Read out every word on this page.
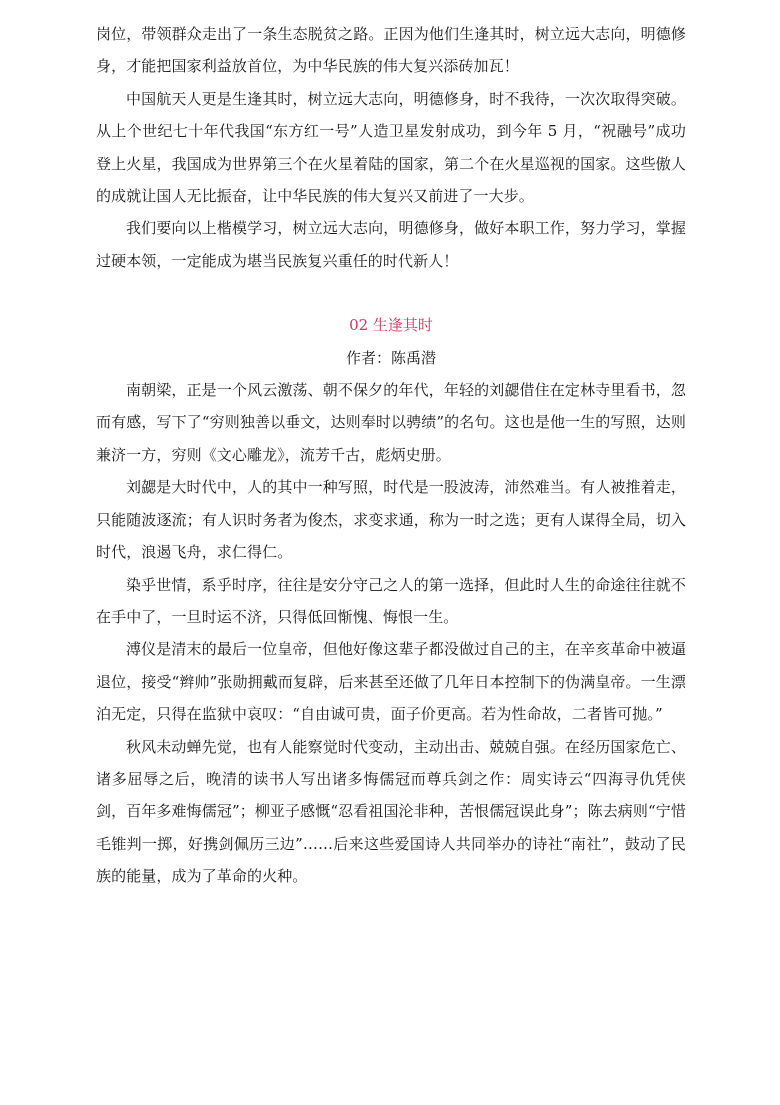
岗位，带领群众走出了一条生态脱贫之路。正因为他们生逢其时，树立远大志向，明德修身，才能把国家利益放首位，为中华民族的伟大复兴添砖加瓦！

中国航天人更是生逢其时，树立远大志向，明德修身，时不我待，一次次取得突破。从上个世纪七十年代我国“东方红一号”人造卫星发射成功，到今年 5 月，“祝融号”成功登上火星，我国成为世界第三个在火星着陆的国家，第二个在火星巡视的国家。这些傲人的成就让国人无比振奋，让中华民族的伟大复兴又前进了一大步。

我们要向以上楷模学习，树立远大志向，明德修身，做好本职工作，努力学习，掌握过硬本领，一定能成为堪当民族复兴重任的时代新人！

02 生逢其时

作者：陈禹潜

南朝梁，正是一个风云激荡、朝不保夕的年代，年轻的刘勰借住在定林寺里看书，忽而有感，写下了“穷则独善以垂文，达则奉时以骋绩”的名句。这也是他一生的写照，达则兼济一方，穷则《文心雕龙》，流芳千古，彪炳史册。

刘勰是大时代中，人的其中一种写照，时代是一股波涛，沛然难当。有人被推着走，只能随波逐流；有人识时务者为俊杰，求变求通，称为一时之选；更有人谋得全局，切入时代，浪遏飞舟，求仁得仁。

染乎世情，系乎时序，往往是安分守己之人的第一选择，但此时人生的命途往往就不在手中了，一旦时运不济，只得低回惭愧、悔恨一生。

溥仪是清末的最后一位皇帝，但他好像这辈子都没做过自己的主，在辛亥革命中被逼退位，接受“辫帅”张勋拥戴而复辟，后来甚至还做了几年日本控制下的伪满皇帝。一生漂泊无定，只得在监狱中哀叹：“自由诚可贵，面子价更高。若为性命故，二者皆可抛。”

秋风未动蝉先觉，也有人能察觉时代变动，主动出击、兢兢自强。在经历国家危亡、诸多屈辱之后，晚清的读书人写出诸多悔儒冠而尊兵剑之作：周实诗云“四海寻仇凭侠剑，百年多难悔儒冠”；柳亚子感慨“忍看祖国沦非种，苦恨儒冠误此身”；陈去病则“宁惜毛锥判一掷，好携剑佩历三边”……后来这些爱国诗人共同举办的诗社“南社”，鼓动了民族的能量，成为了革命的火种。
